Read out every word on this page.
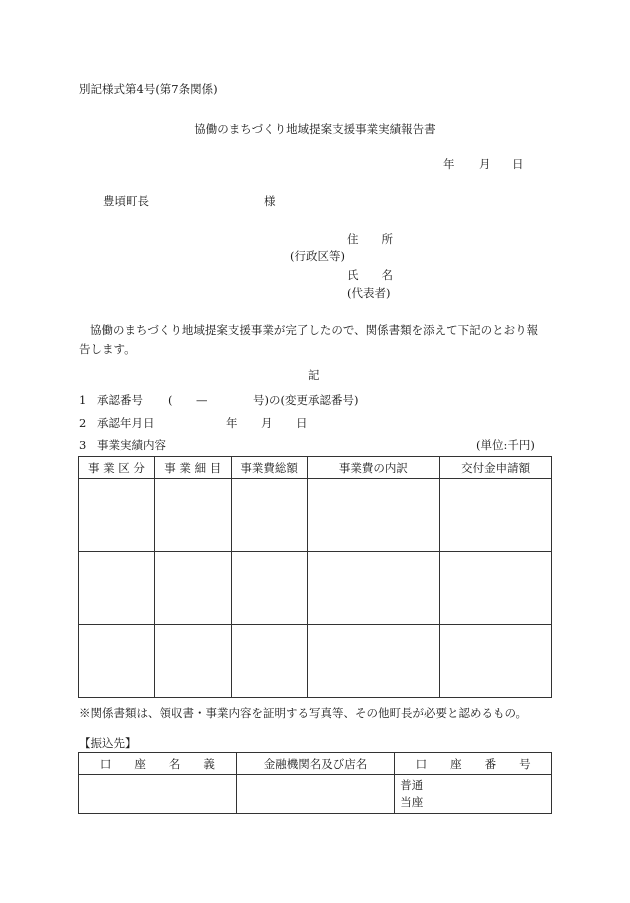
別記様式第4号(第7条関係)
協働のまちづくり地域提案支援事業実績報告書
年 月 日
豊頃町長	様
住　　所
(行政区等)
氏　　名
(代表者)
協働のまちづくり地域提案支援事業が完了したので、関係書類を添えて下記のとおり報
告します。
記
1 承認番号 ( —	号)の(変更承認番号)
2 承認年月日	年 月 日
3 事業実績内容	(単位:千円)
事 業 区 分	事 業 細 目	事業費総額	事業費の内訳	交付金申請額

※関係書類は、領収書・事業内容を証明する写真等、その他町長が必要と認めるもの。
【振込先】
口　　座　　名　　義	金融機関名及び店名	口　　座　　番　　号

		普通
当座
